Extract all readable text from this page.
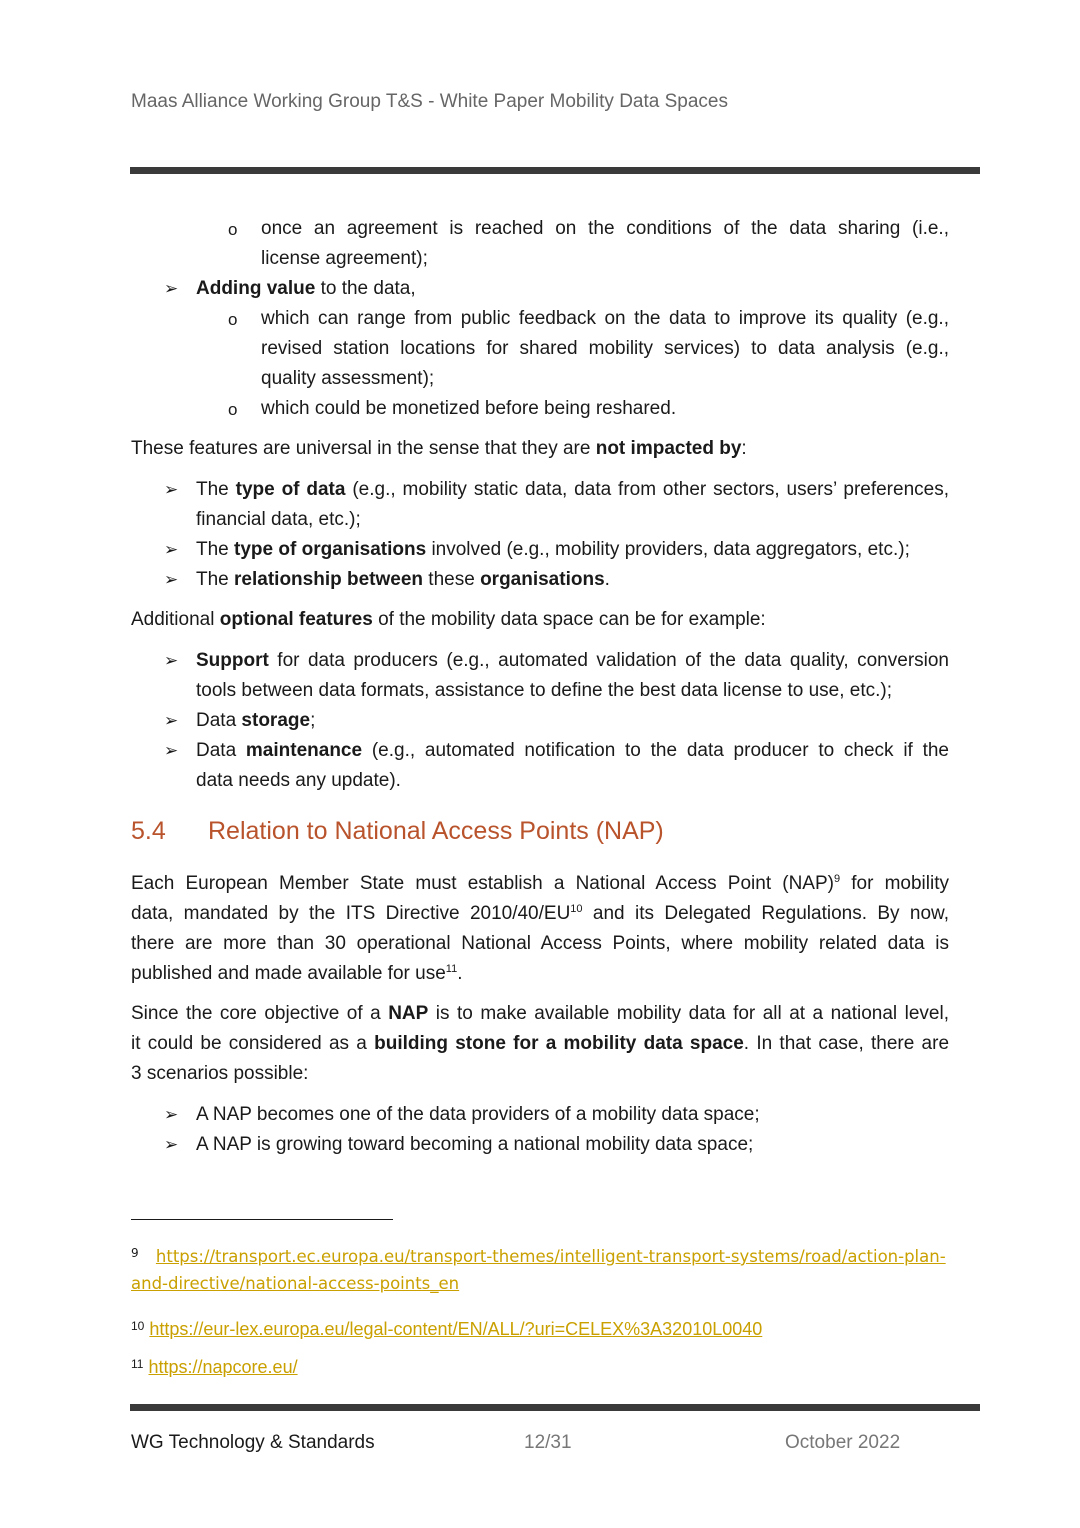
Maas Alliance Working Group T&S - White Paper Mobility Data Spaces
o once an agreement is reached on the conditions of the data sharing (i.e.,
license agreement);
➢ Adding value to the data,
o which can range from public feedback on the data to improve its quality (e.g.,
revised station locations for shared mobility services) to data analysis (e.g.,
quality assessment);
o which could be monetized before being reshared.
These features are universal in the sense that they are not impacted by:
➢ The type of data (e.g., mobility static data, data from other sectors, users’ preferences,
financial data, etc.);
➢ The type of organisations involved (e.g., mobility providers, data aggregators, etc.);
➢ The relationship between these organisations.
Additional optional features of the mobility data space can be for example:
➢ Support for data producers (e.g., automated validation of the data quality, conversion
tools between data formats, assistance to define the best data license to use, etc.);
➢ Data storage;
➢ Data maintenance (e.g., automated notification to the data producer to check if the
data needs any update).
5.4 Relation to National Access Points (NAP)
Each European Member State must establish a National Access Point (NAP)$^9$ for mobility
data, mandated by the ITS Directive 2010/40/EU$^{10}$ and its Delegated Regulations. By now,
there are more than 30 operational National Access Points, where mobility related data is
published and made available for use$^{11}$.
Since the core objective of a NAP is to make available mobility data for all at a national level,
it could be considered as a building stone for a mobility data space. In that case, there are
3 scenarios possible:
➢ A NAP becomes one of the data providers of a mobility data space;
➢ A NAP is growing toward becoming a national mobility data space;
$^9$ https://transport.ec.europa.eu/transport-themes/intelligent-transport-systems/road/action-plan-
and-directive/national-access-points_en
$^{10}$ https://eur-lex.europa.eu/legal-content/EN/ALL/?uri=CELEX%3A32010L0040
$^{11}$ https://napcore.eu/
WG Technology & Standards	12/31	October 2022
